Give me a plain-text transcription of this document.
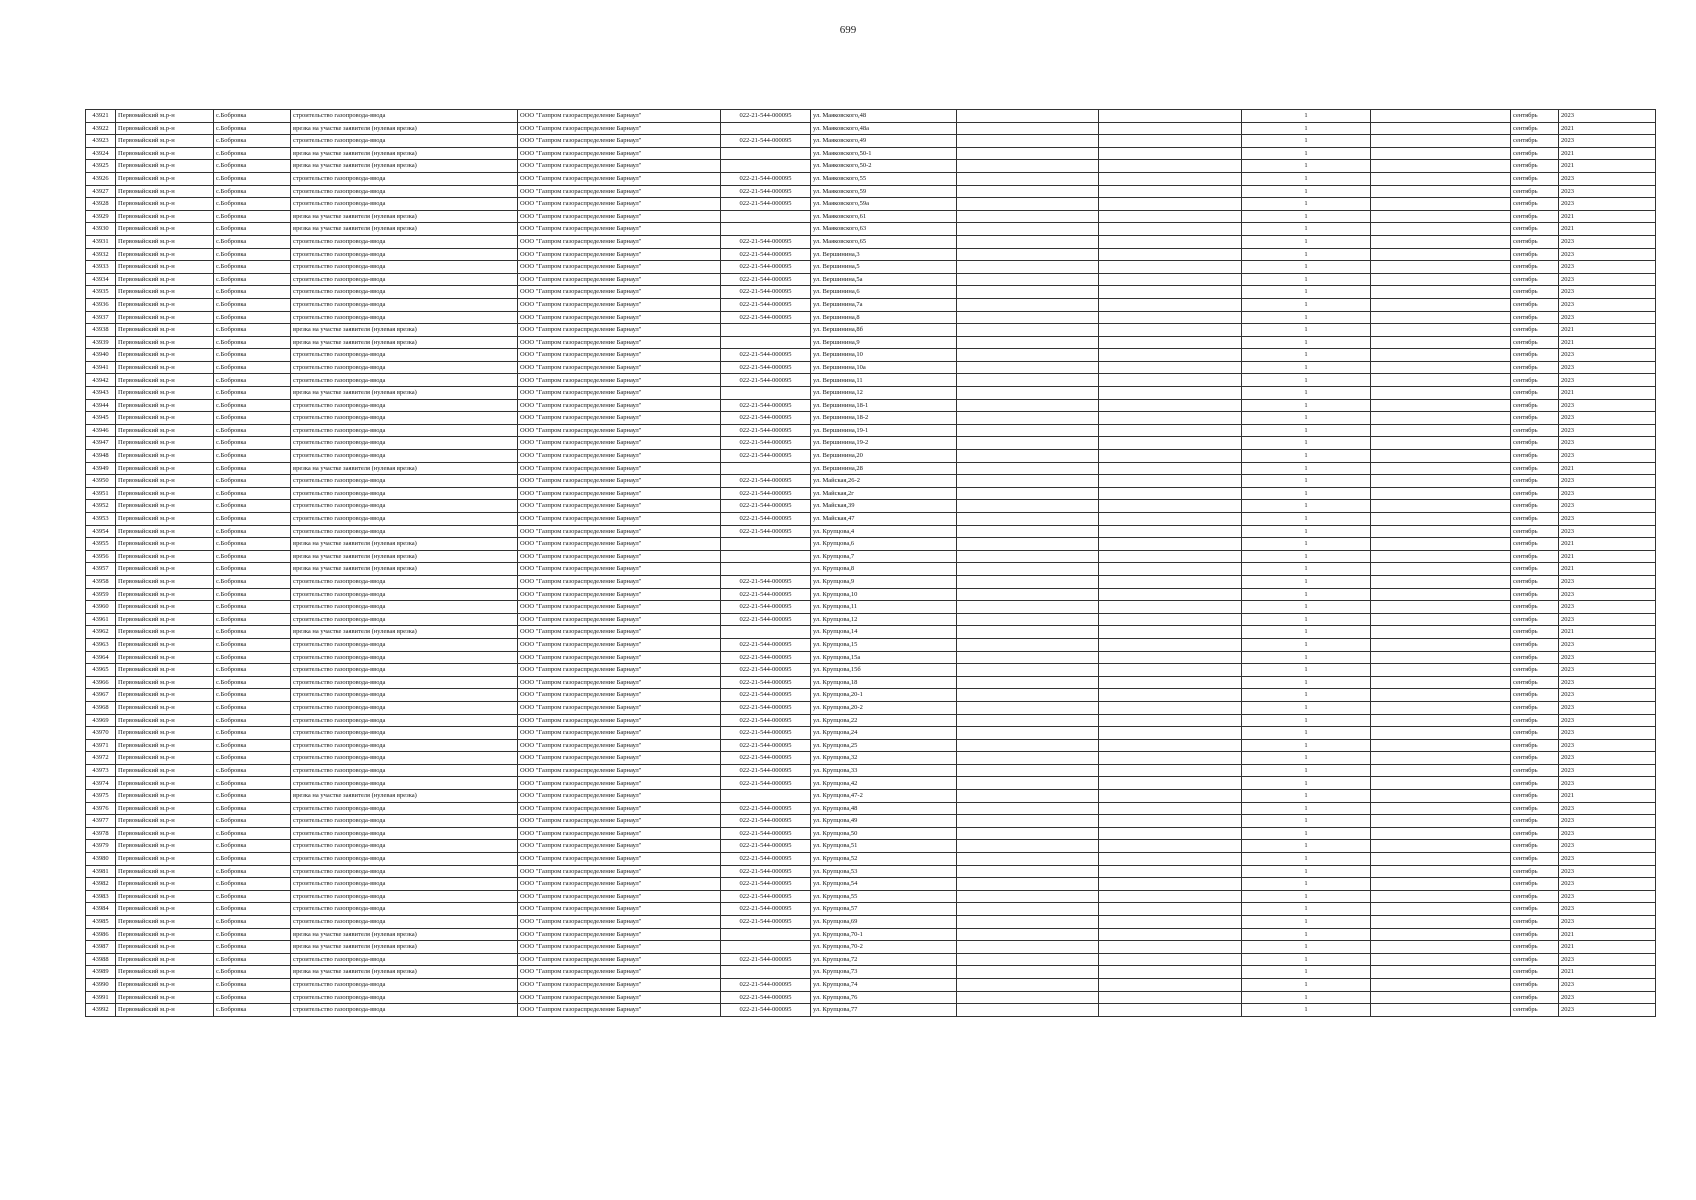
699
43921	Первомайский м.р-н	с.Бобровка	строительство газопровода-ввода	ООО "Газпром газораспределение Барнаул"	022-21-544-000095	ул. Маяковского,48			1		сентябрь	2023
43922	Первомайский м.р-н	с.Бобровка	врезка на участке заявителя (нулевая врезка)	ООО "Газпром газораспределение Барнаул"		ул. Маяковского,48а			1		сентябрь	2021
43923	Первомайский м.р-н	с.Бобровка	строительство газопровода-ввода	ООО "Газпром газораспределение Барнаул"	022-21-544-000095	ул. Маяковского,49			1		сентябрь	2023
43924	Первомайский м.р-н	с.Бобровка	врезка на участке заявителя (нулевая врезка)	ООО "Газпром газораспределение Барнаул"		ул. Маяковского,50-1			1		сентябрь	2021
43925	Первомайский м.р-н	с.Бобровка	врезка на участке заявителя (нулевая врезка)	ООО "Газпром газораспределение Барнаул"		ул. Маяковского,50-2			1		сентябрь	2021
43926	Первомайский м.р-н	с.Бобровка	строительство газопровода-ввода	ООО "Газпром газораспределение Барнаул"	022-21-544-000095	ул. Маяковского,55			1		сентябрь	2023
43927	Первомайский м.р-н	с.Бобровка	строительство газопровода-ввода	ООО "Газпром газораспределение Барнаул"	022-21-544-000095	ул. Маяковского,59			1		сентябрь	2023
43928	Первомайский м.р-н	с.Бобровка	строительство газопровода-ввода	ООО "Газпром газораспределение Барнаул"	022-21-544-000095	ул. Маяковского,59а			1		сентябрь	2023
43929	Первомайский м.р-н	с.Бобровка	врезка на участке заявителя (нулевая врезка)	ООО "Газпром газораспределение Барнаул"		ул. Маяковского,61			1		сентябрь	2021
43930	Первомайский м.р-н	с.Бобровка	врезка на участке заявителя (нулевая врезка)	ООО "Газпром газораспределение Барнаул"		ул. Маяковского,63			1		сентябрь	2021
43931	Первомайский м.р-н	с.Бобровка	строительство газопровода-ввода	ООО "Газпром газораспределение Барнаул"	022-21-544-000095	ул. Маяковского,65			1		сентябрь	2023
43932	Первомайский м.р-н	с.Бобровка	строительство газопровода-ввода	ООО "Газпром газораспределение Барнаул"	022-21-544-000095	ул. Вершинина,3			1		сентябрь	2023
43933	Первомайский м.р-н	с.Бобровка	строительство газопровода-ввода	ООО "Газпром газораспределение Барнаул"	022-21-544-000095	ул. Вершинина,5			1		сентябрь	2023
43934	Первомайский м.р-н	с.Бобровка	строительство газопровода-ввода	ООО "Газпром газораспределение Барнаул"	022-21-544-000095	ул. Вершинина,5а			1		сентябрь	2023
43935	Первомайский м.р-н	с.Бобровка	строительство газопровода-ввода	ООО "Газпром газораспределение Барнаул"	022-21-544-000095	ул. Вершинина,6			1		сентябрь	2023
43936	Первомайский м.р-н	с.Бобровка	строительство газопровода-ввода	ООО "Газпром газораспределение Барнаул"	022-21-544-000095	ул. Вершинина,7а			1		сентябрь	2023
43937	Первомайский м.р-н	с.Бобровка	строительство газопровода-ввода	ООО "Газпром газораспределение Барнаул"	022-21-544-000095	ул. Вершинина,8			1		сентябрь	2023
43938	Первомайский м.р-н	с.Бобровка	врезка на участке заявителя (нулевая врезка)	ООО "Газпром газораспределение Барнаул"		ул. Вершинина,8б			1		сентябрь	2021
43939	Первомайский м.р-н	с.Бобровка	врезка на участке заявителя (нулевая врезка)	ООО "Газпром газораспределение Барнаул"		ул. Вершинина,9			1		сентябрь	2021
43940	Первомайский м.р-н	с.Бобровка	строительство газопровода-ввода	ООО "Газпром газораспределение Барнаул"	022-21-544-000095	ул. Вершинина,10			1		сентябрь	2023
43941	Первомайский м.р-н	с.Бобровка	строительство газопровода-ввода	ООО "Газпром газораспределение Барнаул"	022-21-544-000095	ул. Вершинина,10а			1		сентябрь	2023
43942	Первомайский м.р-н	с.Бобровка	строительство газопровода-ввода	ООО "Газпром газораспределение Барнаул"	022-21-544-000095	ул. Вершинина,11			1		сентябрь	2023
43943	Первомайский м.р-н	с.Бобровка	врезка на участке заявителя (нулевая врезка)	ООО "Газпром газораспределение Барнаул"		ул. Вершинина,12			1		сентябрь	2021
43944	Первомайский м.р-н	с.Бобровка	строительство газопровода-ввода	ООО "Газпром газораспределение Барнаул"	022-21-544-000095	ул. Вершинина,18-1			1		сентябрь	2023
43945	Первомайский м.р-н	с.Бобровка	строительство газопровода-ввода	ООО "Газпром газораспределение Барнаул"	022-21-544-000095	ул. Вершинина,18-2			1		сентябрь	2023
43946	Первомайский м.р-н	с.Бобровка	строительство газопровода-ввода	ООО "Газпром газораспределение Барнаул"	022-21-544-000095	ул. Вершинина,19-1			1		сентябрь	2023
43947	Первомайский м.р-н	с.Бобровка	строительство газопровода-ввода	ООО "Газпром газораспределение Барнаул"	022-21-544-000095	ул. Вершинина,19-2			1		сентябрь	2023
43948	Первомайский м.р-н	с.Бобровка	строительство газопровода-ввода	ООО "Газпром газораспределение Барнаул"	022-21-544-000095	ул. Вершинина,20			1		сентябрь	2023
43949	Первомайский м.р-н	с.Бобровка	врезка на участке заявителя (нулевая врезка)	ООО "Газпром газораспределение Барнаул"		ул. Вершинина,28			1		сентябрь	2021
43950	Первомайский м.р-н	с.Бобровка	строительство газопровода-ввода	ООО "Газпром газораспределение Барнаул"	022-21-544-000095	ул. Майская,26-2			1		сентябрь	2023
43951	Первомайский м.р-н	с.Бобровка	строительство газопровода-ввода	ООО "Газпром газораспределение Барнаул"	022-21-544-000095	ул. Майская,2г			1		сентябрь	2023
43952	Первомайский м.р-н	с.Бобровка	строительство газопровода-ввода	ООО "Газпром газораспределение Барнаул"	022-21-544-000095	ул. Майская,39			1		сентябрь	2023
43953	Первомайский м.р-н	с.Бобровка	строительство газопровода-ввода	ООО "Газпром газораспределение Барнаул"	022-21-544-000095	ул. Майская,47			1		сентябрь	2023
43954	Первомайский м.р-н	с.Бобровка	строительство газопровода-ввода	ООО "Газпром газораспределение Барнаул"	022-21-544-000095	ул. Крупцова,4			1		сентябрь	2023
43955	Первомайский м.р-н	с.Бобровка	врезка на участке заявителя (нулевая врезка)	ООО "Газпром газораспределение Барнаул"		ул. Крупцова,6			1		сентябрь	2021
43956	Первомайский м.р-н	с.Бобровка	врезка на участке заявителя (нулевая врезка)	ООО "Газпром газораспределение Барнаул"		ул. Крупцова,7			1		сентябрь	2021
43957	Первомайский м.р-н	с.Бобровка	врезка на участке заявителя (нулевая врезка)	ООО "Газпром газораспределение Барнаул"		ул. Крупцова,8			1		сентябрь	2021
43958	Первомайский м.р-н	с.Бобровка	строительство газопровода-ввода	ООО "Газпром газораспределение Барнаул"	022-21-544-000095	ул. Крупцова,9			1		сентябрь	2023
43959	Первомайский м.р-н	с.Бобровка	строительство газопровода-ввода	ООО "Газпром газораспределение Барнаул"	022-21-544-000095	ул. Крупцова,10			1		сентябрь	2023
43960	Первомайский м.р-н	с.Бобровка	строительство газопровода-ввода	ООО "Газпром газораспределение Барнаул"	022-21-544-000095	ул. Крупцова,11			1		сентябрь	2023
43961	Первомайский м.р-н	с.Бобровка	строительство газопровода-ввода	ООО "Газпром газораспределение Барнаул"	022-21-544-000095	ул. Крупцова,12			1		сентябрь	2023
43962	Первомайский м.р-н	с.Бобровка	врезка на участке заявителя (нулевая врезка)	ООО "Газпром газораспределение Барнаул"		ул. Крупцова,14			1		сентябрь	2021
43963	Первомайский м.р-н	с.Бобровка	строительство газопровода-ввода	ООО "Газпром газораспределение Барнаул"	022-21-544-000095	ул. Крупцова,15			1		сентябрь	2023
43964	Первомайский м.р-н	с.Бобровка	строительство газопровода-ввода	ООО "Газпром газораспределение Барнаул"	022-21-544-000095	ул. Крупцова,15а			1		сентябрь	2023
43965	Первомайский м.р-н	с.Бобровка	строительство газопровода-ввода	ООО "Газпром газораспределение Барнаул"	022-21-544-000095	ул. Крупцова,15б			1		сентябрь	2023
43966	Первомайский м.р-н	с.Бобровка	строительство газопровода-ввода	ООО "Газпром газораспределение Барнаул"	022-21-544-000095	ул. Крупцова,18			1		сентябрь	2023
43967	Первомайский м.р-н	с.Бобровка	строительство газопровода-ввода	ООО "Газпром газораспределение Барнаул"	022-21-544-000095	ул. Крупцова,20-1			1		сентябрь	2023
43968	Первомайский м.р-н	с.Бобровка	строительство газопровода-ввода	ООО "Газпром газораспределение Барнаул"	022-21-544-000095	ул. Крупцова,20-2			1		сентябрь	2023
43969	Первомайский м.р-н	с.Бобровка	строительство газопровода-ввода	ООО "Газпром газораспределение Барнаул"	022-21-544-000095	ул. Крупцова,22			1		сентябрь	2023
43970	Первомайский м.р-н	с.Бобровка	строительство газопровода-ввода	ООО "Газпром газораспределение Барнаул"	022-21-544-000095	ул. Крупцова,24			1		сентябрь	2023
43971	Первомайский м.р-н	с.Бобровка	строительство газопровода-ввода	ООО "Газпром газораспределение Барнаул"	022-21-544-000095	ул. Крупцова,25			1		сентябрь	2023
43972	Первомайский м.р-н	с.Бобровка	строительство газопровода-ввода	ООО "Газпром газораспределение Барнаул"	022-21-544-000095	ул. Крупцова,32			1		сентябрь	2023
43973	Первомайский м.р-н	с.Бобровка	строительство газопровода-ввода	ООО "Газпром газораспределение Барнаул"	022-21-544-000095	ул. Крупцова,33			1		сентябрь	2023
43974	Первомайский м.р-н	с.Бобровка	строительство газопровода-ввода	ООО "Газпром газораспределение Барнаул"	022-21-544-000095	ул. Крупцова,42			1		сентябрь	2023
43975	Первомайский м.р-н	с.Бобровка	врезка на участке заявителя (нулевая врезка)	ООО "Газпром газораспределение Барнаул"		ул. Крупцова,47-2			1		сентябрь	2021
43976	Первомайский м.р-н	с.Бобровка	строительство газопровода-ввода	ООО "Газпром газораспределение Барнаул"	022-21-544-000095	ул. Крупцова,48			1		сентябрь	2023
43977	Первомайский м.р-н	с.Бобровка	строительство газопровода-ввода	ООО "Газпром газораспределение Барнаул"	022-21-544-000095	ул. Крупцова,49			1		сентябрь	2023
43978	Первомайский м.р-н	с.Бобровка	строительство газопровода-ввода	ООО "Газпром газораспределение Барнаул"	022-21-544-000095	ул. Крупцова,50			1		сентябрь	2023
43979	Первомайский м.р-н	с.Бобровка	строительство газопровода-ввода	ООО "Газпром газораспределение Барнаул"	022-21-544-000095	ул. Крупцова,51			1		сентябрь	2023
43980	Первомайский м.р-н	с.Бобровка	строительство газопровода-ввода	ООО "Газпром газораспределение Барнаул"	022-21-544-000095	ул. Крупцова,52			1		сентябрь	2023
43981	Первомайский м.р-н	с.Бобровка	строительство газопровода-ввода	ООО "Газпром газораспределение Барнаул"	022-21-544-000095	ул. Крупцова,53			1		сентябрь	2023
43982	Первомайский м.р-н	с.Бобровка	строительство газопровода-ввода	ООО "Газпром газораспределение Барнаул"	022-21-544-000095	ул. Крупцова,54			1		сентябрь	2023
43983	Первомайский м.р-н	с.Бобровка	строительство газопровода-ввода	ООО "Газпром газораспределение Барнаул"	022-21-544-000095	ул. Крупцова,55			1		сентябрь	2023
43984	Первомайский м.р-н	с.Бобровка	строительство газопровода-ввода	ООО "Газпром газораспределение Барнаул"	022-21-544-000095	ул. Крупцова,57			1		сентябрь	2023
43985	Первомайский м.р-н	с.Бобровка	строительство газопровода-ввода	ООО "Газпром газораспределение Барнаул"	022-21-544-000095	ул. Крупцова,69			1		сентябрь	2023
43986	Первомайский м.р-н	с.Бобровка	врезка на участке заявителя (нулевая врезка)	ООО "Газпром газораспределение Барнаул"		ул. Крупцова,70-1			1		сентябрь	2021
43987	Первомайский м.р-н	с.Бобровка	врезка на участке заявителя (нулевая врезка)	ООО "Газпром газораспределение Барнаул"		ул. Крупцова,70-2			1		сентябрь	2021
43988	Первомайский м.р-н	с.Бобровка	строительство газопровода-ввода	ООО "Газпром газораспределение Барнаул"	022-21-544-000095	ул. Крупцова,72			1		сентябрь	2023
43989	Первомайский м.р-н	с.Бобровка	врезка на участке заявителя (нулевая врезка)	ООО "Газпром газораспределение Барнаул"		ул. Крупцова,73			1		сентябрь	2021
43990	Первомайский м.р-н	с.Бобровка	строительство газопровода-ввода	ООО "Газпром газораспределение Барнаул"	022-21-544-000095	ул. Крупцова,74			1		сентябрь	2023
43991	Первомайский м.р-н	с.Бобровка	строительство газопровода-ввода	ООО "Газпром газораспределение Барнаул"	022-21-544-000095	ул. Крупцова,76			1		сентябрь	2023
43992	Первомайский м.р-н	с.Бобровка	строительство газопровода-ввода	ООО "Газпром газораспределение Барнаул"	022-21-544-000095	ул. Крупцова,77			1		сентябрь	2023
